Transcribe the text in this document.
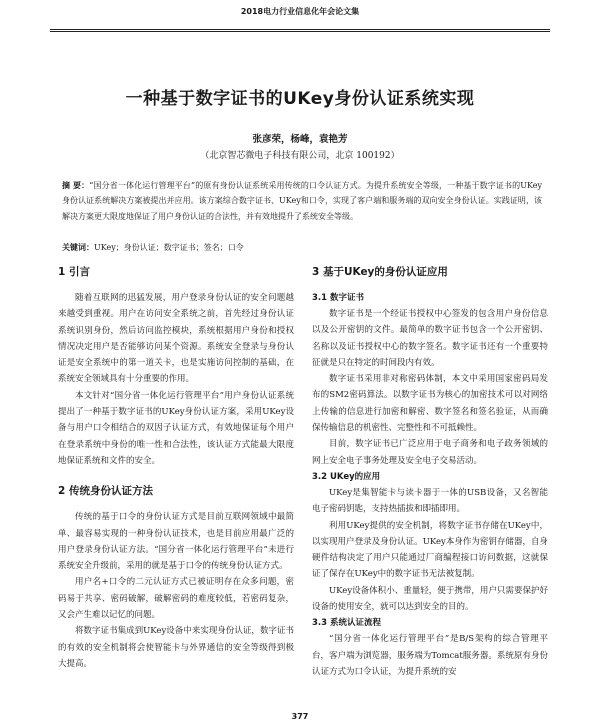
2018电力行业信息化年会论文集
一种基于数字证书的UKey身份认证系统实现
张彦荣，杨峰，袁艳芳
（北京智芯微电子科技有限公司，北京 100192）
摘 要：“国分省一体化运行管理平台”的原有身份认证系统采用传统的口令认证方式。为提升系统安全等级，一种基于数字证书的UKey身份认证系统解决方案被提出并应用。该方案综合数字证书、UKey和口令，实现了客户端和服务端的双向安全身份认证。实践证明，该解决方案更大限度地保证了用户身份认证的合法性，并有效地提升了系统安全等级。
关键词：UKey；身份认证；数字证书；签名；口令
1 引言

随着互联网的迅猛发展，用户登录身份认证的安全问题越来越受到重视。用户在访问安全系统之前，首先经过身份认证系统识别身份，然后访问监控模块，系统根据用户身份和授权情况决定用户是否能够访问某个资源。系统安全登录与身份认证是安全系统中的第一道关卡，也是实施访问控制的基础，在系统安全领域具有十分重要的作用。

本文针对“国分省一体化运行管理平台”用户身份认证系统提出了一种基于数字证书的UKey身份认证方案，采用UKey设备与用户口令相结合的双因子认证方式，有效地保证每个用户在登录系统中身份的唯一性和合法性，该认证方式能最大限度地保证系统和文件的安全。

2 传统身份认证方法

传统的基于口令的身份认证方式是目前互联网领域中最简单、最容易实现的一种身份认证技术，也是目前应用最广泛的用户登录身份认证方法。“国分省一体化运行管理平台”未进行系统安全升级前，采用的就是基于口令的传统身份认证方式。

用户名+口令的二元认证方式已被证明存在众多问题，密码易于共享、密码破解，破解密码的难度较低，若密码复杂，又会产生难以记忆的问题。

将数字证书集成到UKey设备中来实现身份认证，数字证书的有效的安全机制将会使智能卡与外界通信的安全等级得到极大提高。

3 基于UKey的身份认证应用
3.1 数字证书

数字证书是一个经证书授权中心签发的包含用户身份信息以及公开密钥的文件。最简单的数字证书包含一个公开密钥、名称以及证书授权中心的数字签名。数字证书还有一个重要特征就是只在特定的时间段内有效。

数字证书采用非对称密码体制，本文中采用国家密码局发布的SM2密码算法。以数字证书为核心的加密技术可以对网络上传输的信息进行加密和解密、数字签名和签名验证，从而确保传输信息的机密性、完整性和不可抵赖性。

目前，数字证书已广泛应用于电子商务和电子政务领域的网上安全电子事务处理及安全电子交易活动。

3.2 UKey的应用

UKey是集智能卡与读卡器于一体的USB设备，又名智能电子密码钥匙，支持热插拔和即插即用。

利用UKey提供的安全机制，将数字证书存储在UKey中，以实现用户登录及身份认证。UKey本身作为密钥存储器，自身硬件结构决定了用户只能通过厂商编程接口访问数据，这就保证了保存在UKey中的数字证书无法被复制。

UKey设备体积小、重量轻，便于携带，用户只需要保护好设备的使用安全，就可以达到安全的目的。

3.3 系统认证流程

“国分省一体化运行管理平台”是B/S架构的综合管理平台，客户端为浏览器，服务端为Tomcat服务器。系统原有身份认证方式为口令认证，为提升系统的安

377
